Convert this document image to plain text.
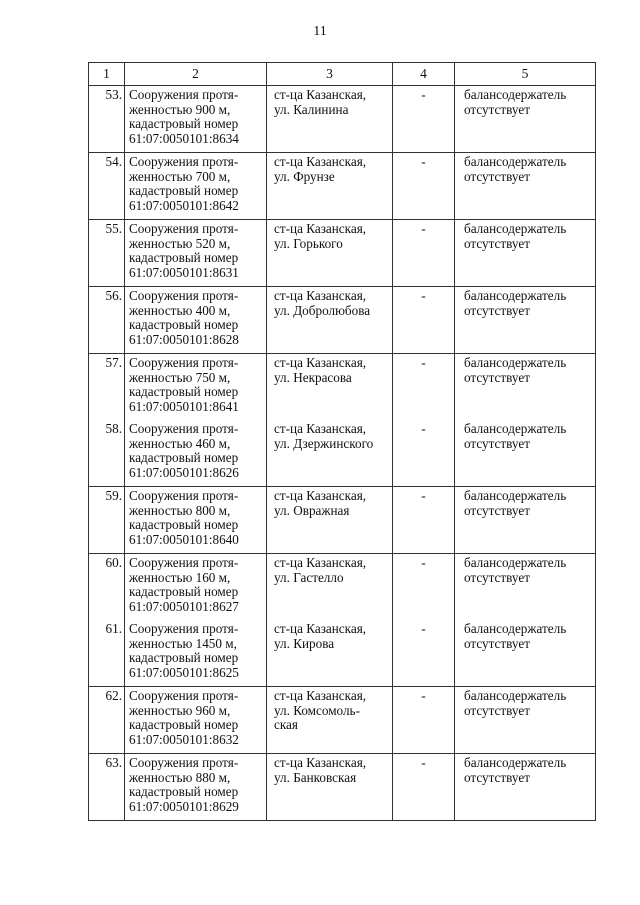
11
1	2	3	4	5
53.	Сооружения протя-
женностью 900 м,
кадастровый номер
61:07:0050101:8634	ст-ца Казанская,
ул. Калинина	-	балансодержатель
отсутствует

54.	Сооружения протя-
женностью 700 м,
кадастровый номер
61:07:0050101:8642	ст-ца Казанская,
ул. Фрунзе	-	балансодержатель
отсутствует

55.	Сооружения протя-
женностью 520 м,
кадастровый номер
61:07:0050101:8631	ст-ца Казанская,
ул. Горького	-	балансодержатель
отсутствует

56.	Сооружения протя-
женностью 400 м,
кадастровый номер
61:07:0050101:8628	ст-ца Казанская,
ул. Добролюбова	-	балансодержатель
отсутствует

57.	Сооружения протя-
женностью 750 м,
кадастровый номер
61:07:0050101:8641	ст-ца Казанская,
ул. Некрасова	-	балансодержатель
отсутствует

58.	Сооружения протя-
женностью 460 м,
кадастровый номер
61:07:0050101:8626	ст-ца Казанская,
ул. Дзержинского	-	балансодержатель
отсутствует

59.	Сооружения протя-
женностью 800 м,
кадастровый номер
61:07:0050101:8640	ст-ца Казанская,
ул. Овражная	-	балансодержатель
отсутствует

60.	Сооружения протя-
женностью 160 м,
кадастровый номер
61:07:0050101:8627	ст-ца Казанская,
ул. Гастелло	-	балансодержатель
отсутствует

61.	Сооружения протя-
женностью 1450 м,
кадастровый номер
61:07:0050101:8625	ст-ца Казанская,
ул. Кирова	-	балансодержатель
отсутствует

62.	Сооружения протя-
женностью 960 м,
кадастровый номер
61:07:0050101:8632	ст-ца Казанская,
ул. Комсомоль-
ская	-	балансодержатель
отсутствует

63.	Сооружения протя-
женностью 880 м,
кадастровый номер
61:07:0050101:8629	ст-ца Казанская,
ул. Банковская	-	балансодержатель
отсутствует
